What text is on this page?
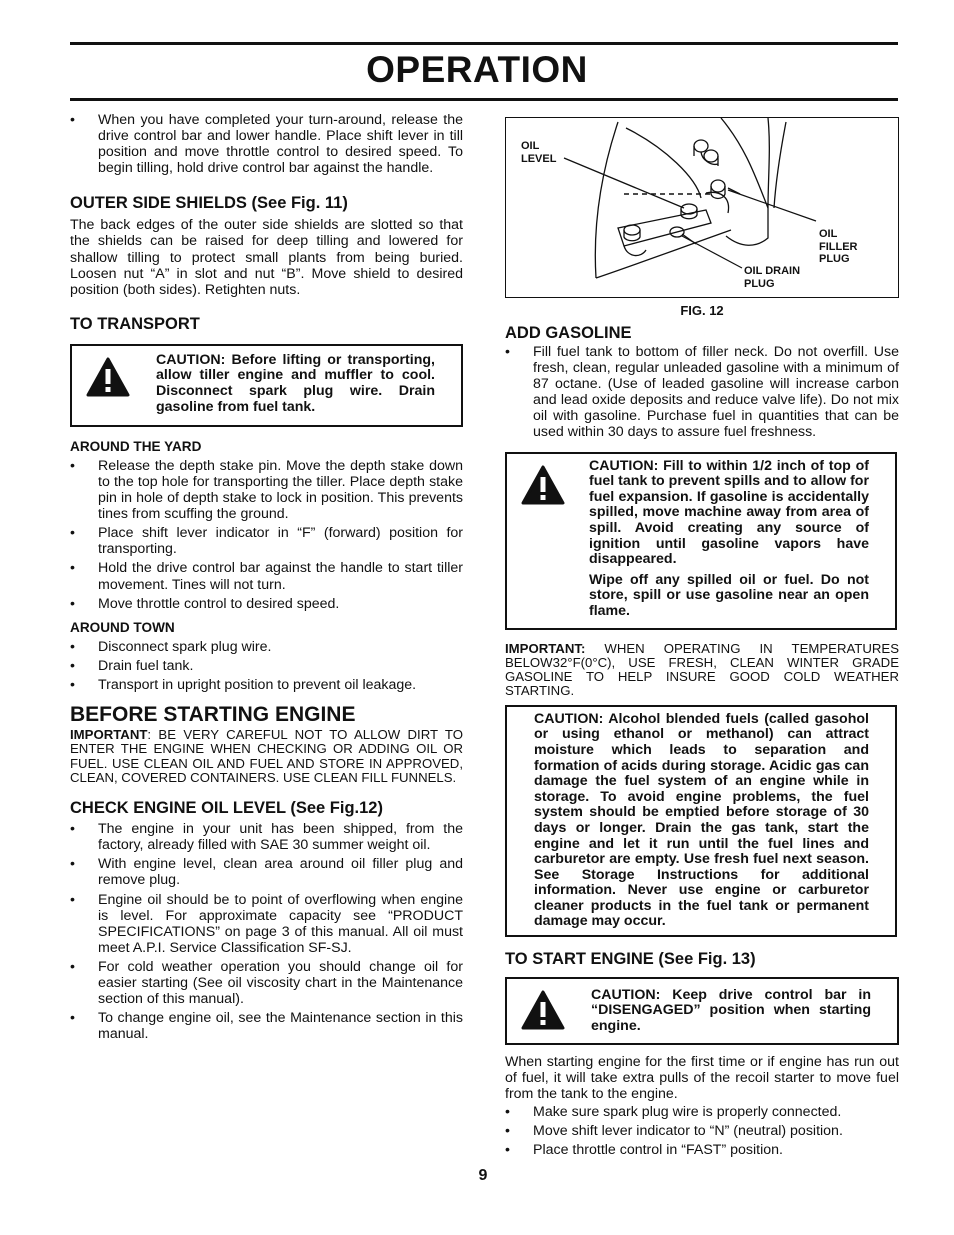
OPERATION
•	When you have completed your turn-around, release the drive control bar and lower handle. Place shift lever in till position and move throttle control to desired speed. To begin tilling, hold drive control bar against the handle.
OUTER SIDE SHIELDS (See Fig. 11)

The back edges of the outer side shields are slotted so that the shields can be raised for deep tilling and lowered for shallow tilling to protect small plants from being buried. Loosen nut “A” in slot and nut “B”. Move shield to desired position (both sides). Retighten nuts.

TO TRANSPORT
CAUTION: Before lifting or transporting, allow tiller engine and muffler to cool. Disconnect spark plug wire. Drain gasoline from fuel tank.
AROUND THE YARD
•	Release the depth stake pin. Move the depth stake down to the top hole for transporting the tiller. Place depth stake pin in hole of depth stake to lock in position. This prevents tines from scuffing the ground.
•	Place shift lever indicator in “F” (forward) position for transporting.
•	Hold the drive control bar against the handle to start tiller movement. Tines will not turn.
•	Move throttle control to desired speed.
AROUND TOWN
•	Disconnect spark plug wire.
•	Drain fuel tank.
•	Transport in upright position to prevent oil leakage.
BEFORE STARTING ENGINE

IMPORTANT: BE VERY CAREFUL NOT TO ALLOW DIRT TO ENTER THE ENGINE WHEN CHECKING OR ADDING OIL OR FUEL. USE CLEAN OIL AND FUEL AND STORE IN APPROVED, CLEAN, COVERED CONTAINERS. USE CLEAN FILL FUNNELS.

CHECK ENGINE OIL LEVEL (See Fig.12)
•	The engine in your unit has been shipped, from the factory, already filled with SAE 30 summer weight oil.
•	With engine level, clean area around oil filler plug and remove plug.
•	Engine oil should be to point of overflowing when engine is level. For approximate capacity see “PRODUCT SPECIFICATIONS” on page 3 of this manual. All oil must meet A.P.I. Service Classification SF-SJ.
•	For cold weather operation you should change oil for easier starting (See oil viscosity chart in the Maintenance section of this manual).
•	To change engine oil, see the Maintenance section in this manual.
OIL
LEVEL
OIL
FILLER
PLUG
OIL DRAIN
PLUG
FIG. 12
ADD GASOLINE
•	Fill fuel tank to bottom of filler neck. Do not overfill. Use fresh, clean, regular unleaded gasoline with a minimum of 87 octane. (Use of leaded gasoline will increase carbon and lead oxide deposits and reduce valve life). Do not mix oil with gasoline. Purchase fuel in quantities that can be used within 30 days to assure fuel freshness.
CAUTION: Fill to within 1/2 inch of top of fuel tank to prevent spills and to allow for fuel expansion. If gasoline is accidentally spilled, move machine away from area of spill. Avoid creating any source of ignition until gasoline vapors have disappeared.
Wipe off any spilled oil or fuel. Do not store, spill or use gasoline near an open flame.

IMPORTANT: WHEN OPERATING IN TEMPERATURES BELOW32°F(0°C), USE FRESH, CLEAN WINTER GRADE GASOLINE TO HELP INSURE GOOD COLD WEATHER STARTING.

CAUTION: Alcohol blended fuels (called gasohol or using ethanol or methanol) can attract moisture which leads to separation and formation of acids during storage. Acidic gas can damage the fuel system of an engine while in storage. To avoid engine problems, the fuel system should be emptied before storage of 30 days or longer. Drain the gas tank, start the engine and let it run until the fuel lines and carburetor are empty. Use fresh fuel next season. See Storage Instructions for additional information. Never use engine or carburetor cleaner products in the fuel tank or permanent damage may occur.
TO START ENGINE (See Fig. 13)
CAUTION: Keep drive control bar in “DISENGAGED” position when starting engine.

When starting engine for the first time or if engine has run out of fuel, it will take extra pulls of the recoil starter to move fuel from the tank to the engine.

•	Make sure spark plug wire is properly connected.
•	Move shift lever indicator to “N” (neutral) position.
•	Place throttle control in “FAST” position.
9
